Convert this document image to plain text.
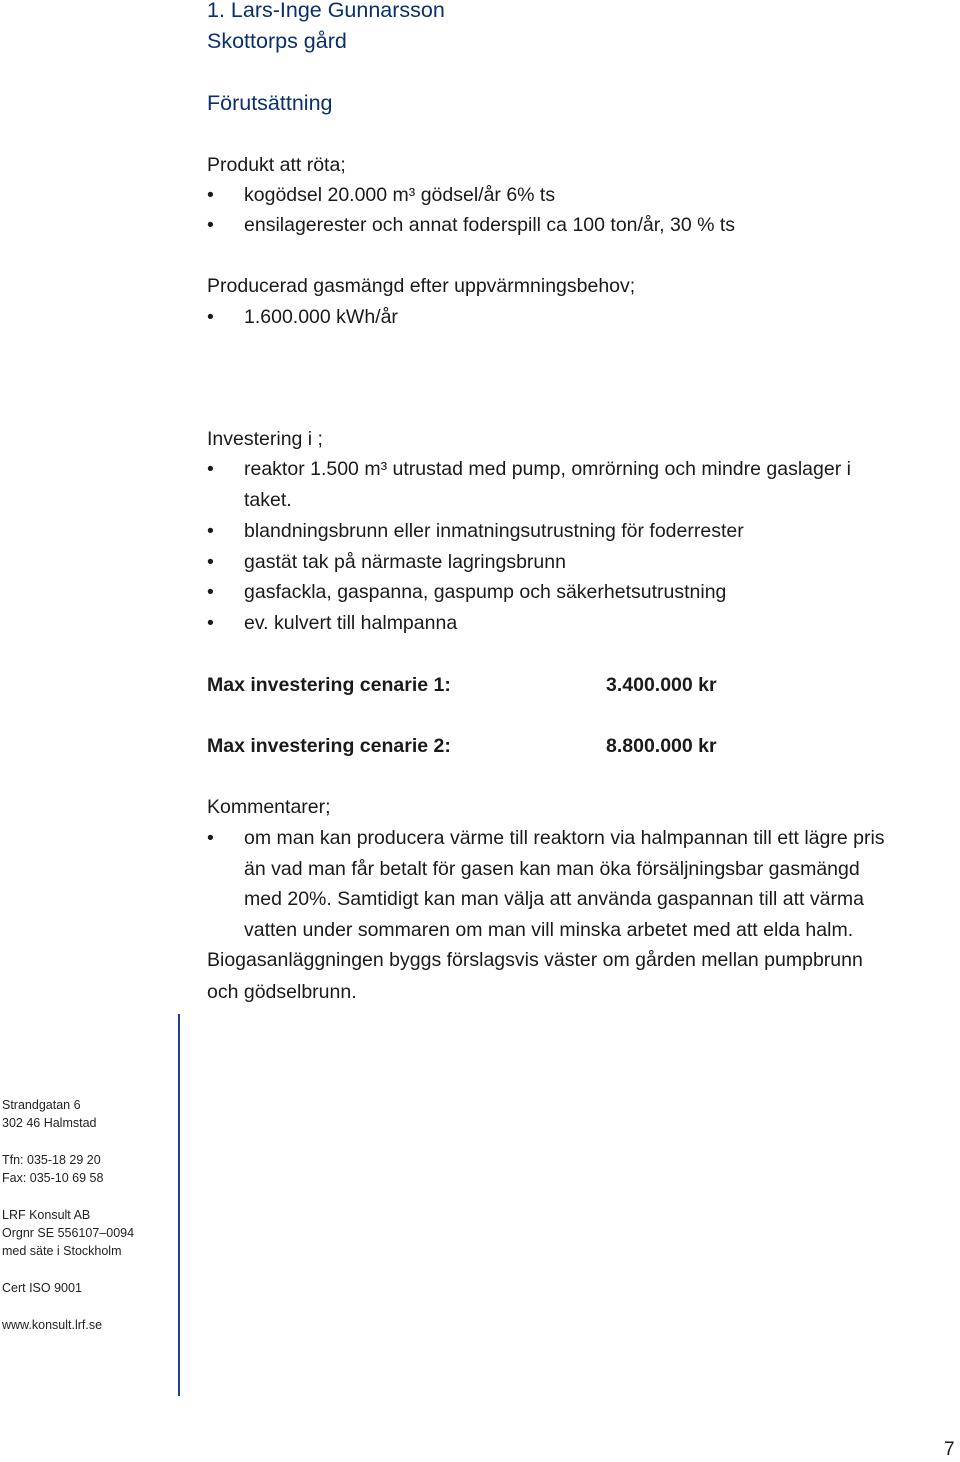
1. Lars-Inge Gunnarsson
Skottorps gård
Förutsättning
Produkt att röta;
• kogödsel 20.000 m³ gödsel/år 6% ts
• ensilagerester och annat foderspill ca 100 ton/år, 30 % ts
Producerad gasmängd efter uppvärmningsbehov;
• 1.600.000 kWh/år
Investering i ;
• reaktor 1.500 m³ utrustad med pump, omrörning och mindre gaslager i
taket.
• blandningsbrunn eller inmatningsutrustning för foderrester
• gastät tak på närmaste lagringsbrunn
• gasfackla, gaspanna, gaspump och säkerhetsutrustning
• ev. kulvert till halmpanna
Max investering cenarie 1:	3.400.000 kr
Max investering cenarie 2:	8.800.000 kr
Kommentarer;
• om man kan producera värme till reaktorn via halmpannan till ett lägre pris
än vad man får betalt för gasen kan man öka försäljningsbar gasmängd
med 20%. Samtidigt kan man välja att använda gaspannan till att värma
vatten under sommaren om man vill minska arbetet med att elda halm.
Biogasanläggningen byggs förslagsvis väster om gården mellan pumpbrunn
och gödselbrunn.
Strandgatan 6
302 46 Halmstad
Tfn: 035-18 29 20
Fax: 035-10 69 58
LRF Konsult AB
Orgnr SE 556107–0094
med säte i Stockholm
Cert ISO 9001
www.konsult.lrf.se
7
